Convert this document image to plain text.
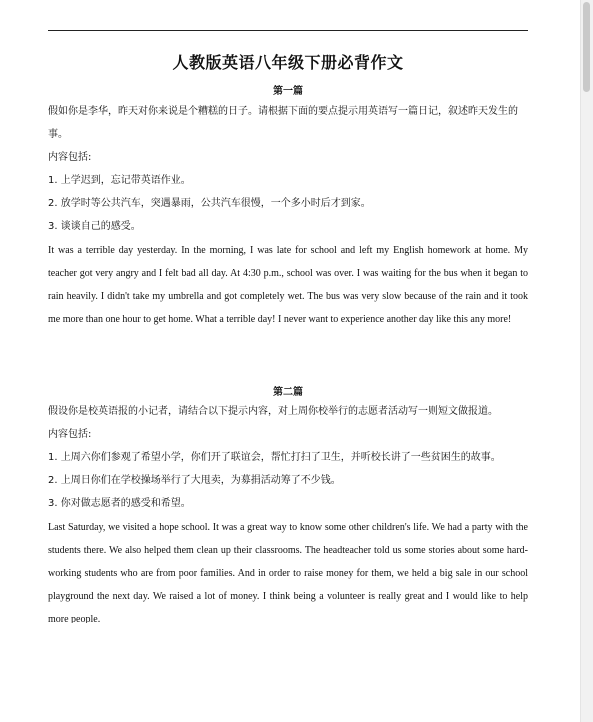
人教版英语八年级下册必背作文
第一篇
假如你是李华，昨天对你来说是个糟糕的日子。请根据下面的要点提示用英语写一篇日记，叙述昨天发生的事。
内容包括:
1. 上学迟到，忘记带英语作业。
2. 放学时等公共汽车，突遇暴雨，公共汽车很慢，一个多小时后才到家。
3. 谈谈自己的感受。
It was a terrible day yesterday. In the morning, I was late for school and left my English homework at home. My teacher got very angry and I felt bad all day. At 4:30 p.m., school was over. I was waiting for the bus when it began to rain heavily. I didn't take my umbrella and got completely wet. The bus was very slow because of the rain and it took me more than one hour to get home. What a terrible day! I never want to experience another day like this any more!
第二篇
假设你是校英语报的小记者，请结合以下提示内容，对上周你校举行的志愿者活动写一则短文做报道。
内容包括:
1. 上周六你们参观了希望小学，你们开了联谊会，帮忙打扫了卫生，并听校长讲了一些贫困生的故事。
2. 上周日你们在学校操场举行了大甩卖，为募捐活动筹了不少钱。
3. 你对做志愿者的感受和希望。
Last Saturday, we visited a hope school. It was a great way to know some other children's life. We had a party with the students there. We also helped them clean up their classrooms. The headteacher told us some stories about some hard-working students who are from poor families. And in order to raise money for them, we held a big sale in our school playground the next day. We raised a lot of money. I think being a volunteer is really great and I would like to help more people.
